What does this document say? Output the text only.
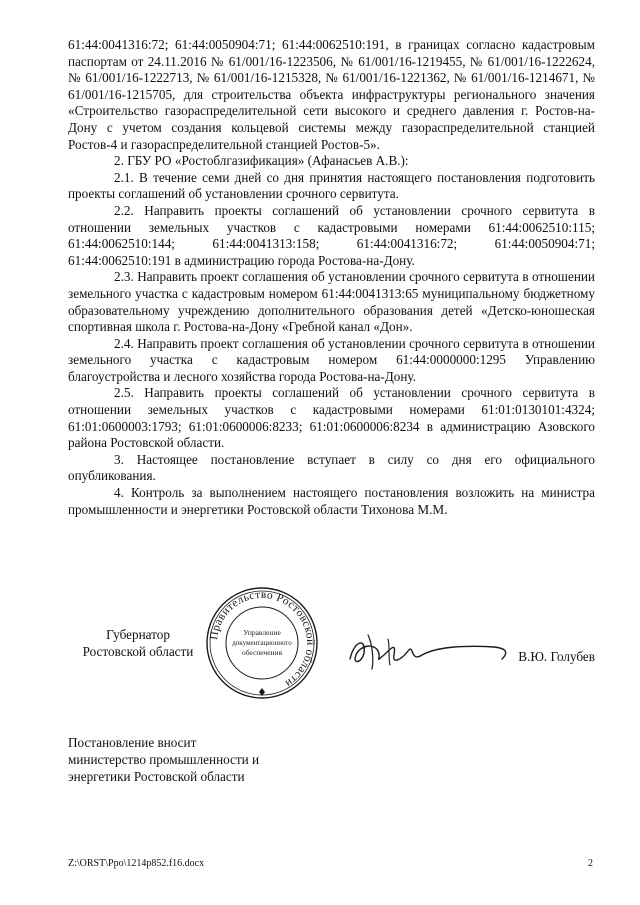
61:44:0041316:72; 61:44:0050904:71; 61:44:0062510:191, в границах согласно кадастровым паспортам от 24.11.2016 № 61/001/16-1223506, № 61/001/16-1219455, № 61/001/16-1222624, № 61/001/16-1222713, № 61/001/16-1215328, № 61/001/16-1221362, № 61/001/16-1214671, № 61/001/16-1215705, для строительства объекта инфраструктуры регионального значения «Строительство газораспределительной сети высокого и среднего давления г. Ростов-на-Дону с учетом создания кольцевой системы между газораспределительной станцией Ростов-4 и газораспределительной станцией Ростов-5».

2. ГБУ РО «Ростоблгазификация» (Афанасьев А.В.):

2.1. В течение семи дней со дня принятия настоящего постановления подготовить проекты соглашений об установлении срочного сервитута.

2.2. Направить проекты соглашений об установлении срочного сервитута в отношении земельных участков с кадастровыми номерами 61:44:0062510:115; 61:44:0062510:144; 61:44:0041313:158; 61:44:0041316:72; 61:44:0050904:71; 61:44:0062510:191 в администрацию города Ростова-на-Дону.

2.3. Направить проект соглашения об установлении срочного сервитута в отношении земельного участка с кадастровым номером 61:44:0041313:65 муниципальному бюджетному образовательному учреждению дополнительного образования детей «Детско-юношеская спортивная школа г. Ростова-на-Дону «Гребной канал «Дон».

2.4. Направить проект соглашения об установлении срочного сервитута в отношении земельного участка с кадастровым номером 61:44:0000000:1295 Управлению благоустройства и лесного хозяйства города Ростова-на-Дону.

2.5. Направить проекты соглашений об установлении срочного сервитута в отношении земельных участков с кадастровыми номерами 61:01:0130101:4324; 61:01:0600003:1793; 61:01:0600006:8233; 61:01:0600006:8234 в администрацию Азовского района Ростовской области.

3. Настоящее постановление вступает в силу со дня его официального опубликования.

4. Контроль за выполнением настоящего постановления возложить на министра промышленности и энергетики Ростовской области Тихонова М.М.

Губернатор
Ростовской области
Правительство Ростовской области
Управление
документационного
обеспечения	В.Ю. Голубев
Постановление вносит
министерство промышленности и
энергетики Ростовской области
Z:\ORST\Ppo\1214p852.f16.docx	2
